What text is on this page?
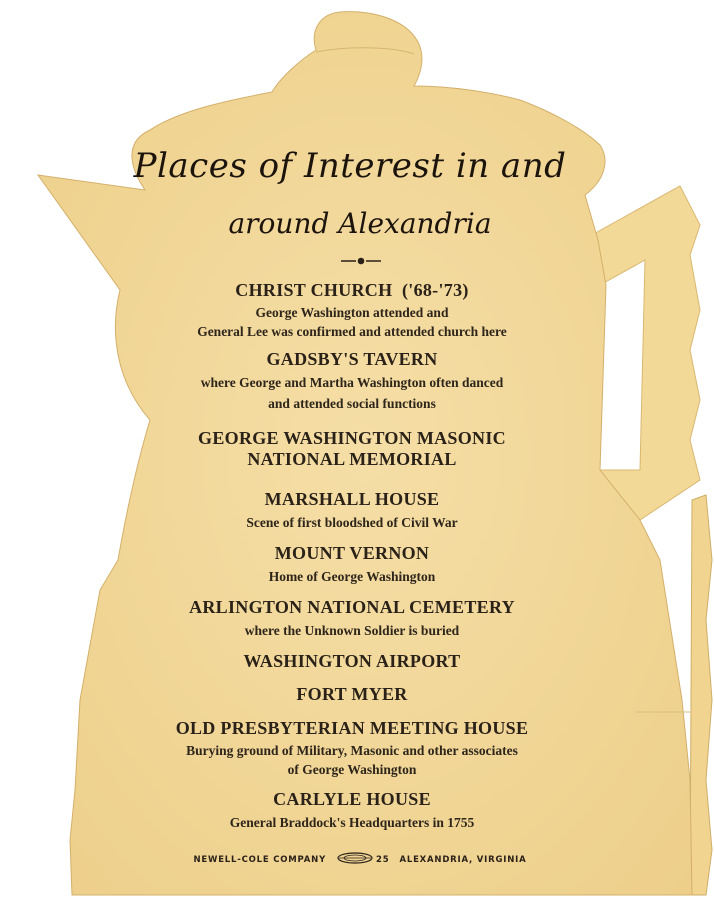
Places of Interest in and
around Alexandria

CHRIST CHURCH  ('68-'73)

George Washington attended and

General Lee was confirmed and attended church here

GADSBY'S TAVERN

where George and Martha Washington often danced

and attended social functions

GEORGE WASHINGTON MASONIC

NATIONAL MEMORIAL

MARSHALL HOUSE

Scene of first bloodshed of Civil War

MOUNT VERNON

Home of George Washington

ARLINGTON NATIONAL CEMETERY

where the Unknown Soldier is buried

WASHINGTON AIRPORT

FORT MYER

OLD PRESBYTERIAN MEETING HOUSE

Burying ground of Military, Masonic and other associates

of George Washington

CARLYLE HOUSE

General Braddock's Headquarters in 1755

NEWELL-COLE COMPANY	25 ALEXANDRIA, VIRGINIA
